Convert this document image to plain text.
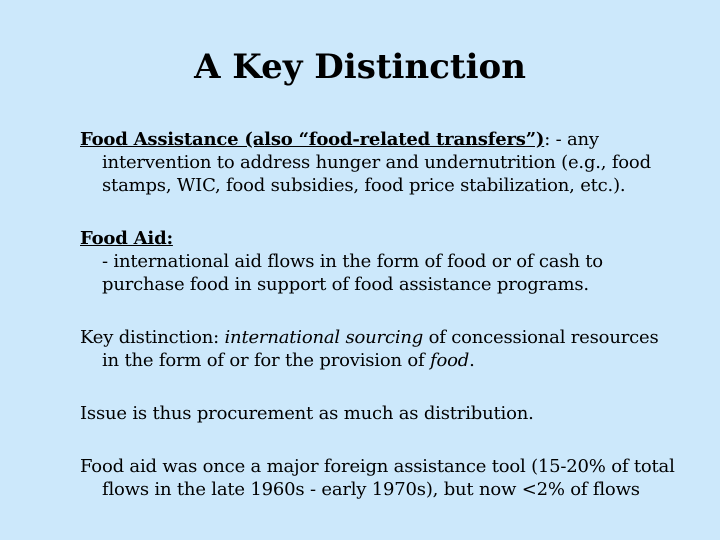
A Key Distinction

Food Assistance (also “food-related transfers”): - any intervention to address hunger and undernutrition (e.g., food stamps, WIC, food subsidies, food price stabilization, etc.).

Food Aid:
- international aid flows in the form of food or of cash to purchase food in support of food assistance programs.

Key distinction: international sourcing of concessional resources in the form of or for the provision of food.

Issue is thus procurement as much as distribution.

Food aid was once a major foreign assistance tool (15-20% of total flows in the late 1960s - early 1970s), but now <2% of flows
